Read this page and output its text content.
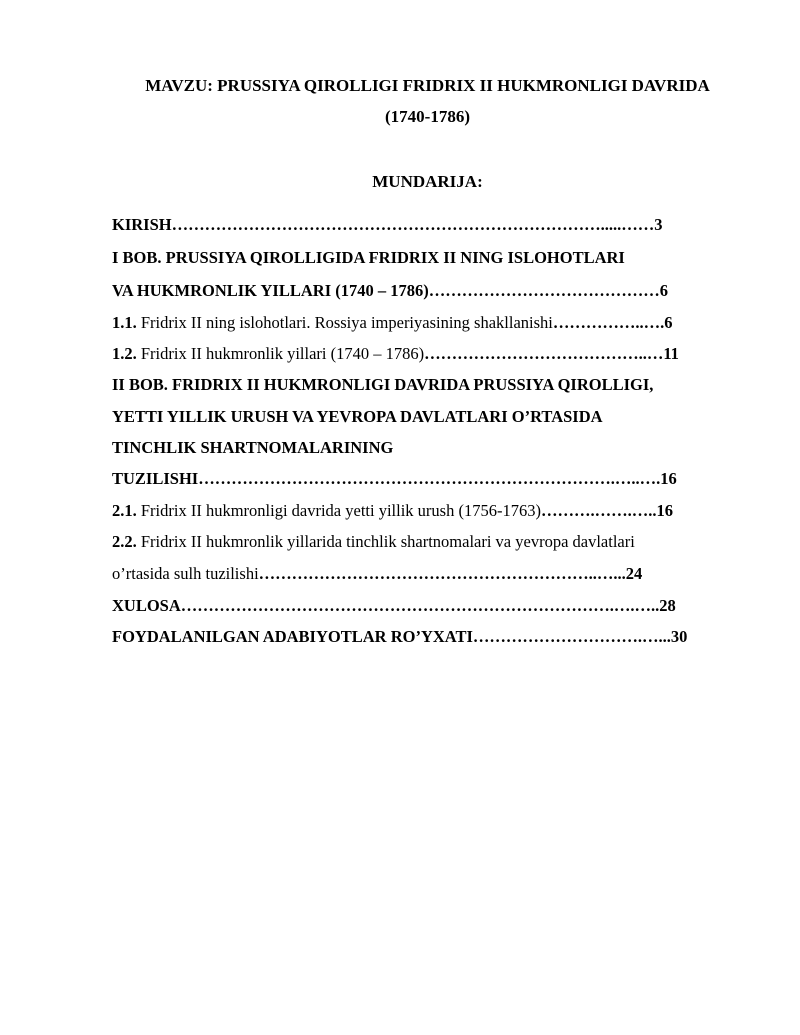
MAVZU: PRUSSIYA QIROLLIGI FRIDRIX II HUKMRONLIGI DAVRIDA
(1740-1786)
MUNDARIJA:
KIRISH…………………………………………………………………….....……3
I BOB. PRUSSIYA QIROLLIGIDA FRIDRIX II NING ISLOHOTLARI
VA HUKMRONLIK YILLARI (1740 – 1786)……………………………………6
1.1. Fridrix II ning islohotlari. Rossiya imperiyasining shakllanishi……………..….6
1.2. Fridrix II hukmronlik yillari (1740 – 1786)…………………………………..…11
II BOB. FRIDRIX II HUKMRONLIGI DAVRIDA PRUSSIYA QIROLLIGI,
YETTI YILLIK URUSH VA YEVROPA DAVLATLARI O’RTASIDA
TINCHLIK SHARTNOMALARINING
TUZILISHI………………………………………………………………….…..….16
2.1. Fridrix II hukmronligi davrida yetti yillik urush (1756-1763)……….…….…..16
2.2. Fridrix II hukmronlik yillarida tinchlik shartnomalari va yevropa davlatlari
o’rtasida sulh tuzilishi……………………………………………………..…...24
XULOSA…………………………………………………………………….….…..28
FOYDALANILGAN ADABIYOTLAR RO’YXATI………………………….…...30
